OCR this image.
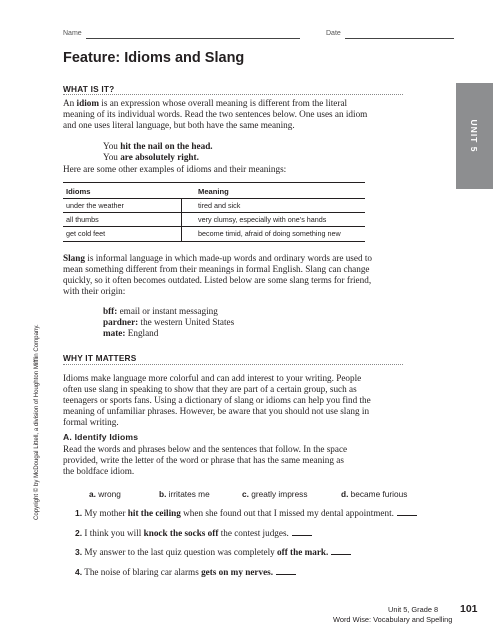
Name	Date
UNIT 5
Feature: Idioms and Slang
WHAT IS IT?

An idiom is an expression whose overall meaning is different from the literal
meaning of its individual words. Read the two sentences below. One uses an idiom
and one uses literal language, but both have the same meaning.

You hit the nail on the head.
You are absolutely right.

Here are some other examples of idioms and their meanings:

Idioms	Meaning
under the weather	tired and sick
all thumbs	very clumsy, especially with one’s hands
get cold feet	become timid, afraid of doing something new

Slang is informal language in which made-up words and ordinary words are used to
mean something different from their meanings in formal English. Slang can change
quickly, so it often becomes outdated. Listed below are some slang terms for friend,
with their origin:

bff: email or instant messaging
pardner: the western United States
mate: England
WHY IT MATTERS

Idioms make language more colorful and can add interest to your writing. People
often use slang in speaking to show that they are part of a certain group, such as
teenagers or sports fans. Using a dictionary of slang or idioms can help you find the
meaning of unfamiliar phrases. However, be aware that you should not use slang in
formal writing.

A. Identify Idioms

Read the words and phrases below and the sentences that follow. In the space
provided, write the letter of the word or phrase that has the same meaning as
the boldface idiom.

a. wrong	b. irritates me	c. greatly impress	d. became furious
1. My mother hit the ceiling when she found out that I missed my dental appointment.
2. I think you will knock the socks off the contest judges.
3. My answer to the last quiz question was completely off the mark.
4. The noise of blaring car alarms gets on my nerves.
Copyright © by McDougal Littell, a division of Houghton Mifflin Company.
Unit 5, Grade 8
Word Wise: Vocabulary and Spelling
101
